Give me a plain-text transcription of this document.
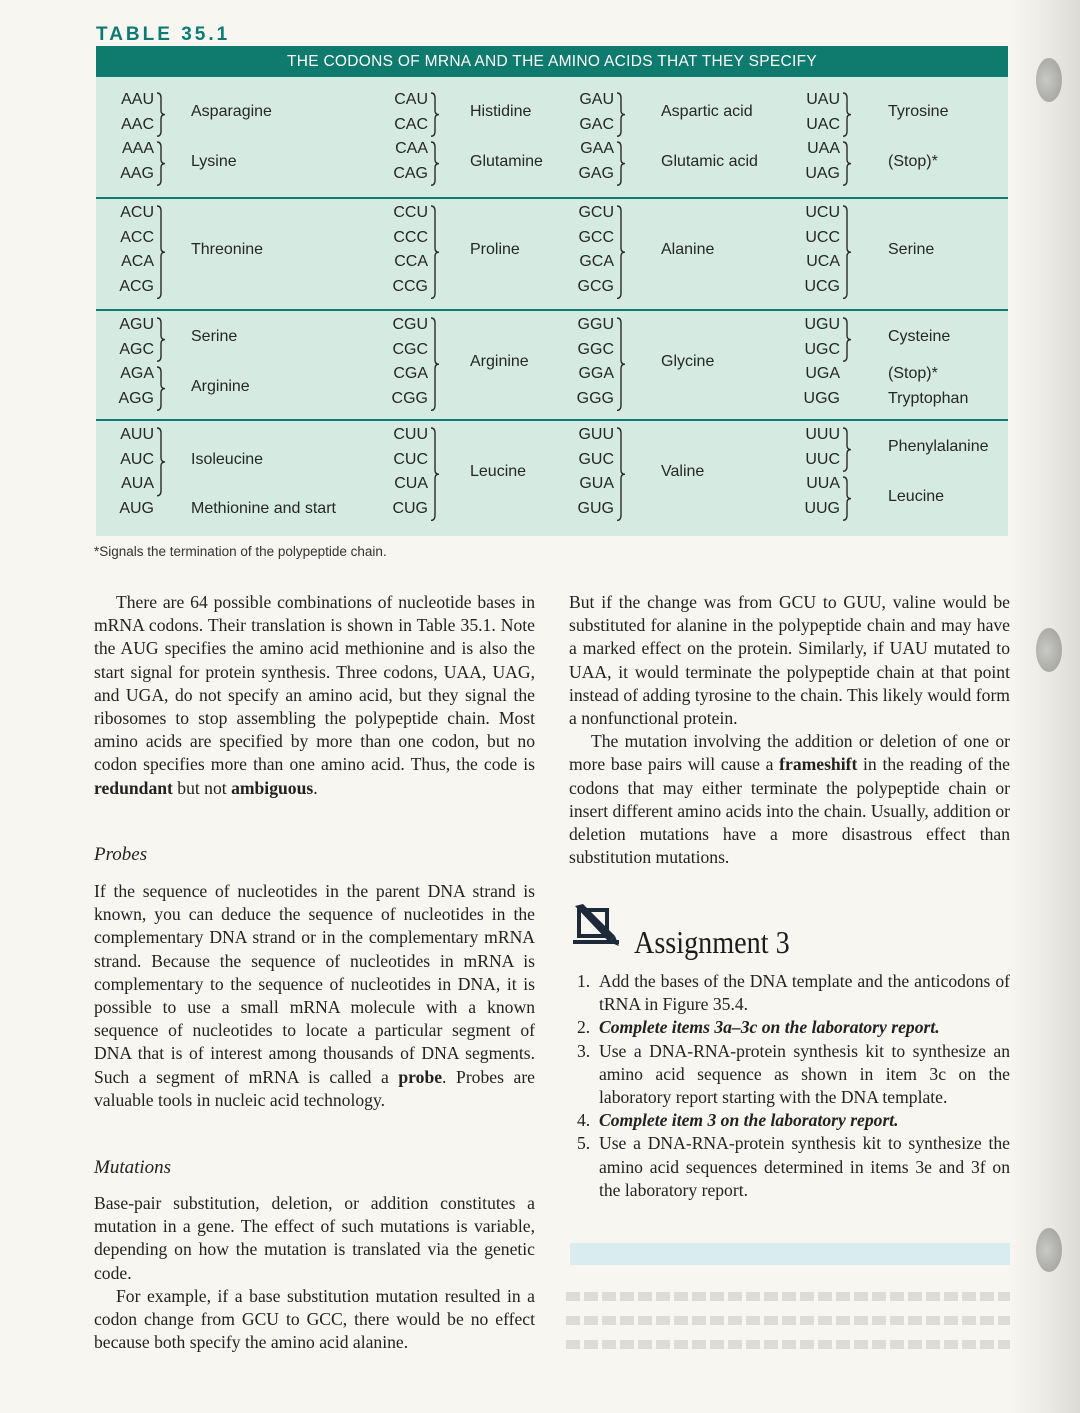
TABLE 35.1
THE CODONS OF MRNA AND THE AMINO ACIDS THAT THEY SPECIFY
AAU
AAC
Asparagine
AAA
AAG
Lysine
CAU
CAC
Histidine
CAA
CAG
Glutamine
GAU
GAC
Aspartic acid
GAA
GAG
Glutamic acid
UAU
UAC
Tyrosine
UAA
UAG
(Stop)*
ACU
ACC
ACA
ACG
Threonine
CCU
CCC
CCA
CCG
Proline
GCU
GCC
GCA
GCG
Alanine
UCU
UCC
UCA
UCG
Serine
AGU
AGC
Serine
AGA
AGG
Arginine
CGU
CGC
CGA
CGG
Arginine
GGU
GGC
GGA
GGG
Glycine
UGU
UGC
Cysteine
UGA	(Stop)*
UGG	Tryptophan
AUU
AUC
AUA
Isoleucine
AUG Methionine and start
CUU
CUC
CUA
CUG
Leucine
GUU
GUC
GUA
GUG
Valine
UUU
UUC
Phenylalanine
UUA
UUG
Leucine
*Signals the termination of the polypeptide chain.

There are 64 possible combinations of nucleotide bases in mRNA codons. Their translation is shown in Table 35.1. Note the AUG specifies the amino acid methionine and is also the start signal for protein synthesis. Three codons, UAA, UAG, and UGA, do not specify an amino acid, but they signal the ribosomes to stop assembling the polypeptide chain. Most amino acids are specified by more than one codon, but no codon specifies more than one amino acid. Thus, the code is redundant but not ambiguous.

Probes

If the sequence of nucleotides in the parent DNA strand is known, you can deduce the sequence of nucleotides in the complementary DNA strand or in the complementary mRNA strand. Because the sequence of nucleotides in mRNA is complementary to the sequence of nucleotides in DNA, it is possible to use a small mRNA molecule with a known sequence of nucleotides to locate a particular segment of DNA that is of interest among thousands of DNA segments. Such a segment of mRNA is called a probe. Probes are valuable tools in nucleic acid technology.

Mutations

Base-pair substitution, deletion, or addition constitutes a mutation in a gene. The effect of such mutations is variable, depending on how the mutation is translated via the genetic code.

For example, if a base substitution mutation resulted in a codon change from GCU to GCC, there would be no effect because both specify the amino acid alanine.

But if the change was from GCU to GUU, valine would be substituted for alanine in the polypeptide chain and may have a marked effect on the protein. Similarly, if UAU mutated to UAA, it would terminate the polypeptide chain at that point instead of adding tyrosine to the chain. This likely would form a nonfunctional protein.

The mutation involving the addition or deletion of one or more base pairs will cause a frameshift in the reading of the codons that may either terminate the polypeptide chain or insert different amino acids into the chain. Usually, addition or deletion mutations have a more disastrous effect than substitution mutations.

Assignment 3
1. Add the bases of the DNA template and the anticodons of tRNA in Figure 35.4.
2. Complete items 3a–3c on the laboratory report.
3. Use a DNA-RNA-protein synthesis kit to synthesize an amino acid sequence as shown in item 3c on the laboratory report starting with the DNA template.
4. Complete item 3 on the laboratory report.
5. Use a DNA-RNA-protein synthesis kit to synthesize the amino acid sequences determined in items 3e and 3f on the laboratory report.
